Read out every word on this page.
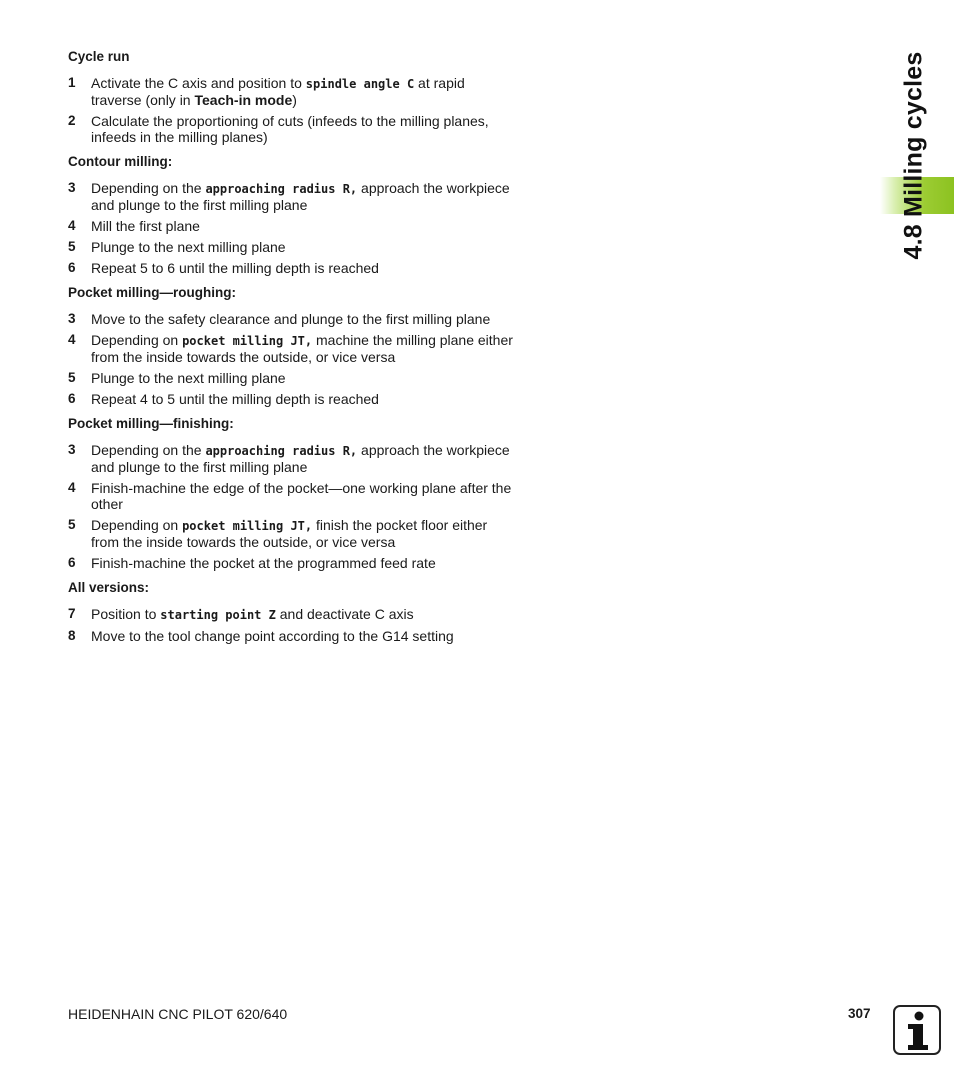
Cycle run
1	Activate the C axis and position to spindle angle C at rapid traverse (only in Teach-in mode)
2	Calculate the proportioning of cuts (infeeds to the milling planes, infeeds in the milling planes)
Contour milling:
3	Depending on the approaching radius R, approach the workpiece and plunge to the first milling plane
4	Mill the first plane
5	Plunge to the next milling plane
6	Repeat 5 to 6 until the milling depth is reached
Pocket milling—roughing:
3	Move to the safety clearance and plunge to the first milling plane
4	Depending on pocket milling JT, machine the milling plane either from the inside towards the outside, or vice versa
5	Plunge to the next milling plane
6	Repeat 4 to 5 until the milling depth is reached
Pocket milling—finishing:
3	Depending on the approaching radius R, approach the workpiece and plunge to the first milling plane
4	Finish-machine the edge of the pocket—one working plane after the other
5	Depending on pocket milling JT, finish the pocket floor either from the inside towards the outside, or vice versa
6	Finish-machine the pocket at the programmed feed rate
All versions:
7	Position to starting point Z and deactivate C axis
8	Move to the tool change point according to the G14 setting
4.8 Milling cycles
HEIDENHAIN CNC PILOT 620/640	307
